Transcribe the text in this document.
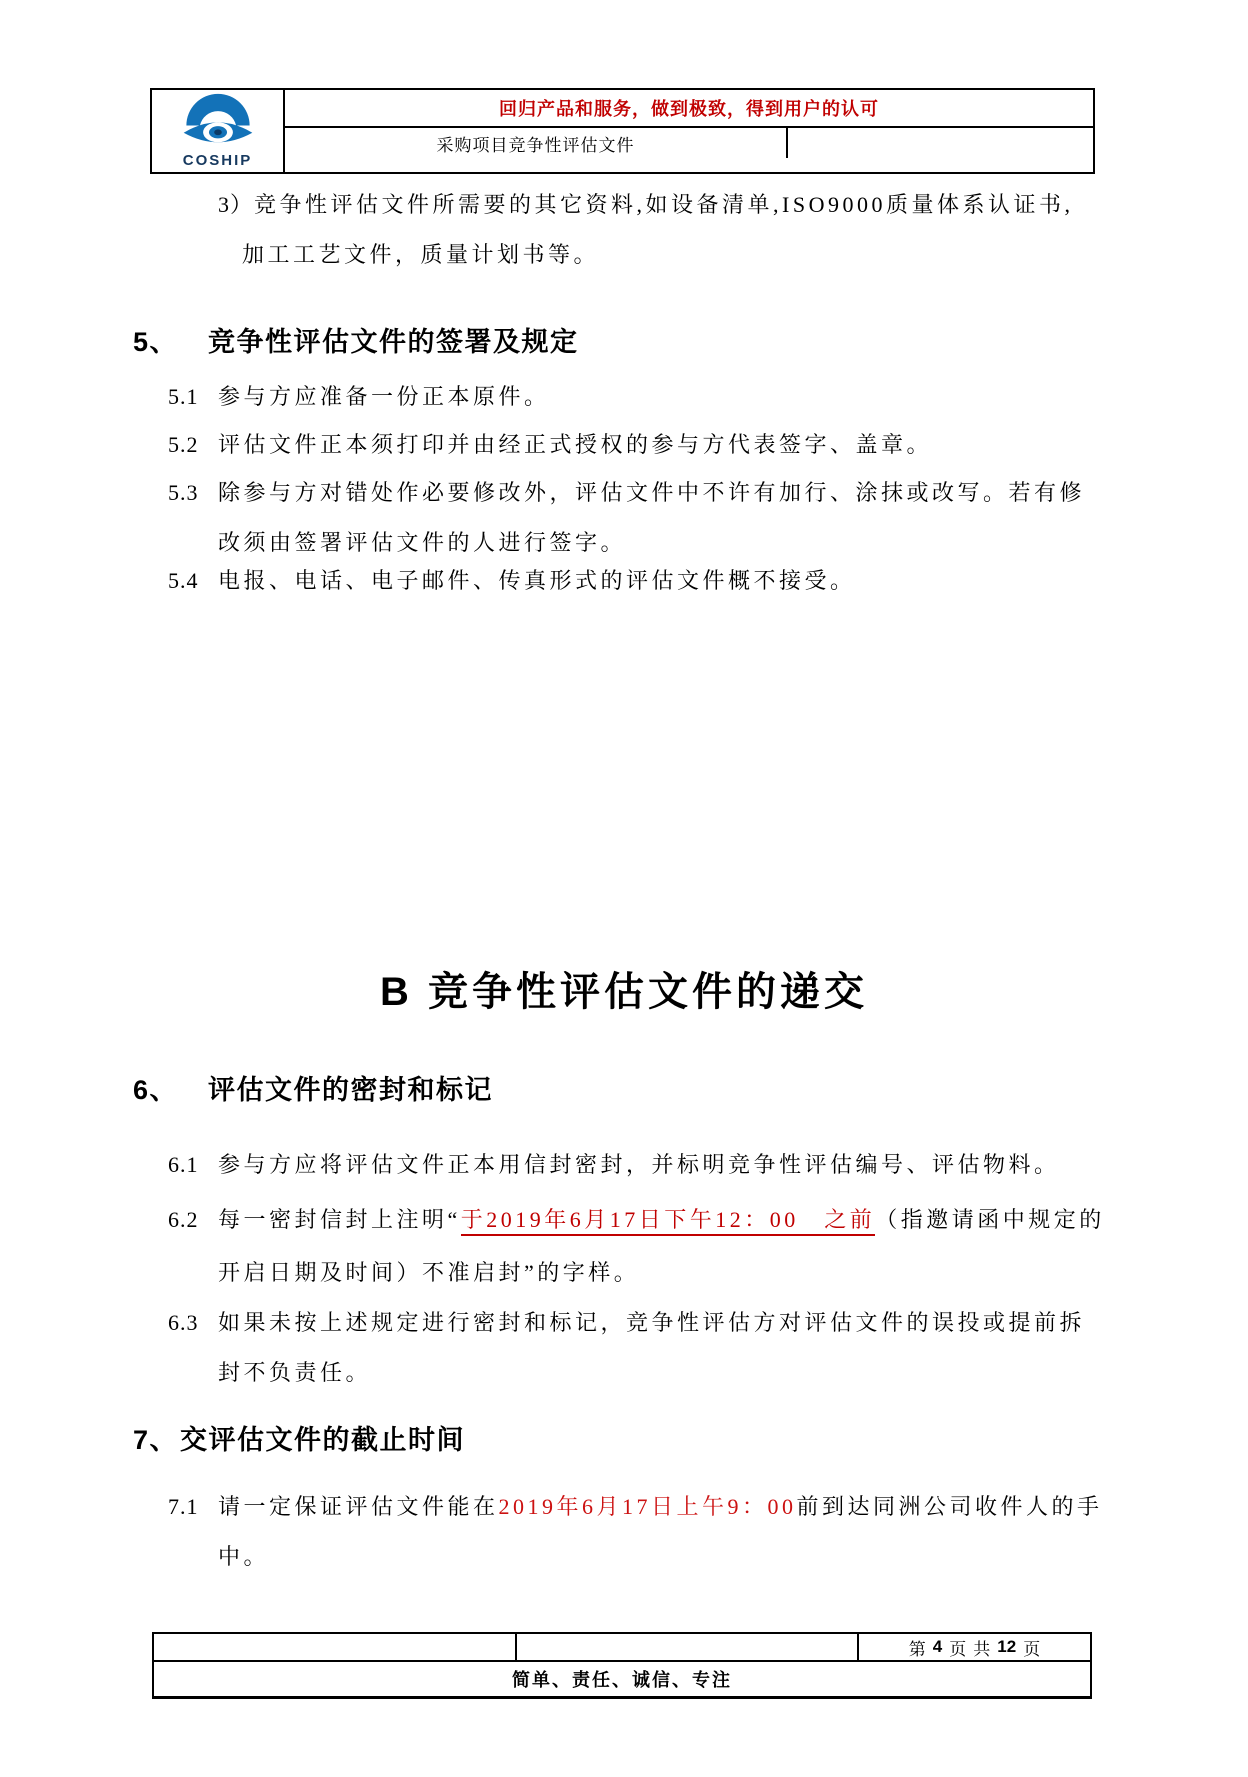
COSHIP
回归产品和服务，做到极致，得到用户的认可
采购项目竞争性评估文件
3）竞争性评估文件所需要的其它资料,如设备清单,ISO9000质量体系认证书,
加工工艺文件，质量计划书等。
5、 竞争性评估文件的签署及规定
5.1 参与方应准备一份正本原件。
5.2 评估文件正本须打印并由经正式授权的参与方代表签字、盖章。
5.3 除参与方对错处作必要修改外，评估文件中不许有加行、涂抹或改写。若有修
改须由签署评估文件的人进行签字。
5.4 电报、电话、电子邮件、传真形式的评估文件概不接受。
B 竞争性评估文件的递交
6、 评估文件的密封和标记
6.1 参与方应将评估文件正本用信封密封，并标明竞争性评估编号、评估物料。
6.2 每一密封信封上注明“于2019年6月17日下午12：00　之前（指邀请函中规定的
开启日期及时间）不准启封”的字样。
6.3 如果未按上述规定进行密封和标记，竞争性评估方对评估文件的误投或提前拆
封不负责任。
7、交评估文件的截止时间
7.1 请一定保证评估文件能在2019年6月17日上午9：00前到达同洲公司收件人的手
中。
第 4 页 共 12 页
简单、责任、诚信、专注
